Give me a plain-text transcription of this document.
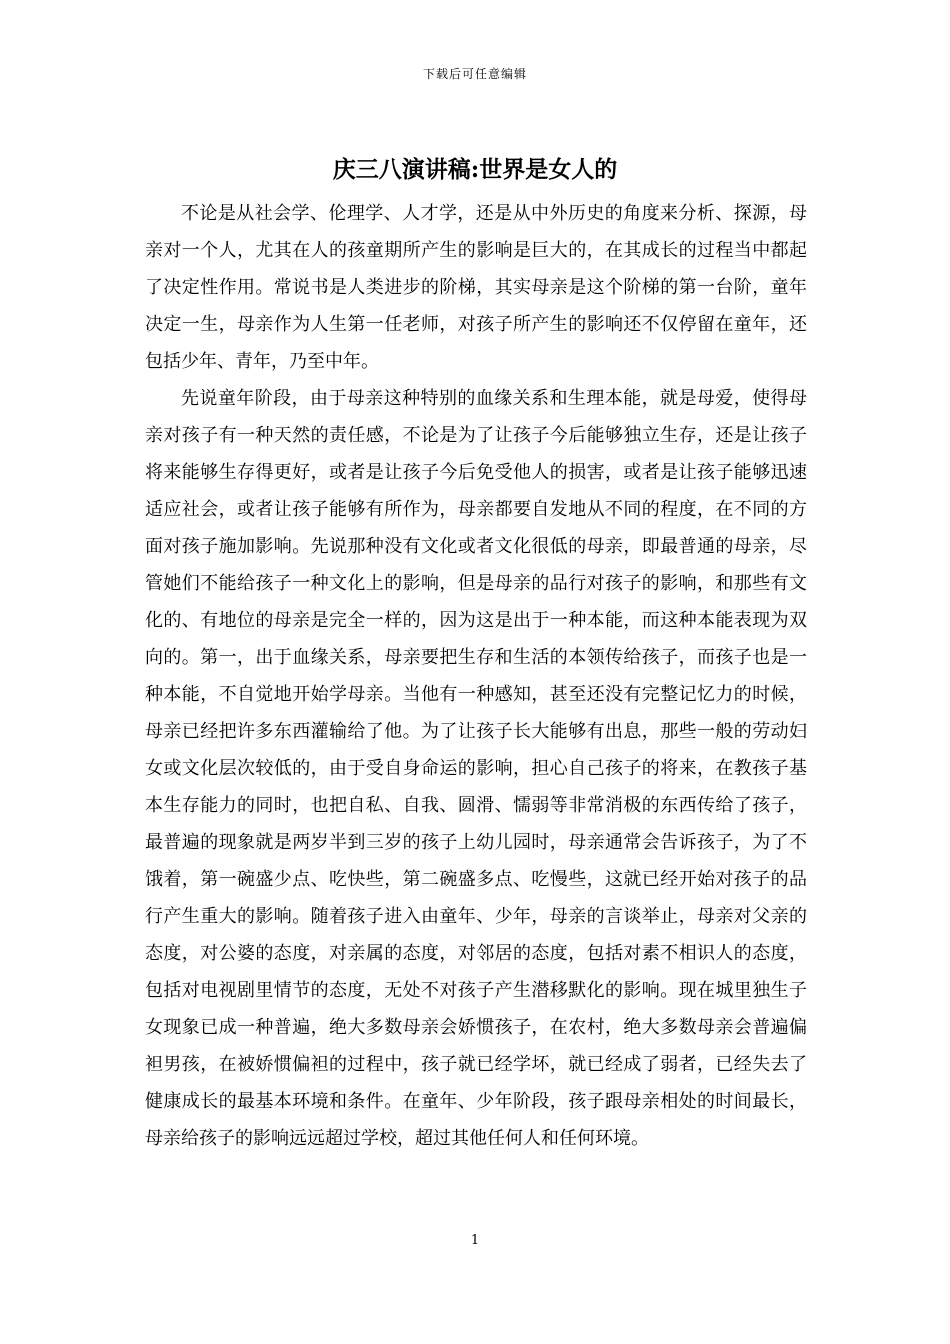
下载后可任意编辑
庆三八演讲稿:世界是女人的

不论是从社会学、伦理学、人才学，还是从中外历史的角度来分析、探源，母亲对一个人，尤其在人的孩童期所产生的影响是巨大的，在其成长的过程当中都起了决定性作用。常说书是人类进步的阶梯，其实母亲是这个阶梯的第一台阶，童年决定一生，母亲作为人生第一任老师，对孩子所产生的影响还不仅停留在童年，还包括少年、青年，乃至中年。

先说童年阶段，由于母亲这种特别的血缘关系和生理本能，就是母爱，使得母亲对孩子有一种天然的责任感，不论是为了让孩子今后能够独立生存，还是让孩子将来能够生存得更好，或者是让孩子今后免受他人的损害，或者是让孩子能够迅速适应社会，或者让孩子能够有所作为，母亲都要自发地从不同的程度，在不同的方面对孩子施加影响。先说那种没有文化或者文化很低的母亲，即最普通的母亲，尽管她们不能给孩子一种文化上的影响，但是母亲的品行对孩子的影响，和那些有文化的、有地位的母亲是完全一样的，因为这是出于一种本能，而这种本能表现为双向的。第一，出于血缘关系，母亲要把生存和生活的本领传给孩子，而孩子也是一种本能，不自觉地开始学母亲。当他有一种感知，甚至还没有完整记忆力的时候，母亲已经把许多东西灌输给了他。为了让孩子长大能够有出息，那些一般的劳动妇女或文化层次较低的，由于受自身命运的影响，担心自己孩子的将来，在教孩子基本生存能力的同时，也把自私、自我、圆滑、懦弱等非常消极的东西传给了孩子，最普遍的现象就是两岁半到三岁的孩子上幼儿园时，母亲通常会告诉孩子，为了不饿着，第一碗盛少点、吃快些，第二碗盛多点、吃慢些，这就已经开始对孩子的品行产生重大的影响。随着孩子进入由童年、少年，母亲的言谈举止，母亲对父亲的态度，对公婆的态度，对亲属的态度，对邻居的态度，包括对素不相识人的态度，包括对电视剧里情节的态度，无处不对孩子产生潜移默化的影响。现在城里独生子女现象已成一种普遍，绝大多数母亲会娇惯孩子，在农村，绝大多数母亲会普遍偏袒男孩，在被娇惯偏袒的过程中，孩子就已经学坏，就已经成了弱者，已经失去了健康成长的最基本环境和条件。在童年、少年阶段，孩子跟母亲相处的时间最长，母亲给孩子的影响远远超过学校，超过其他任何人和任何环境。

1
